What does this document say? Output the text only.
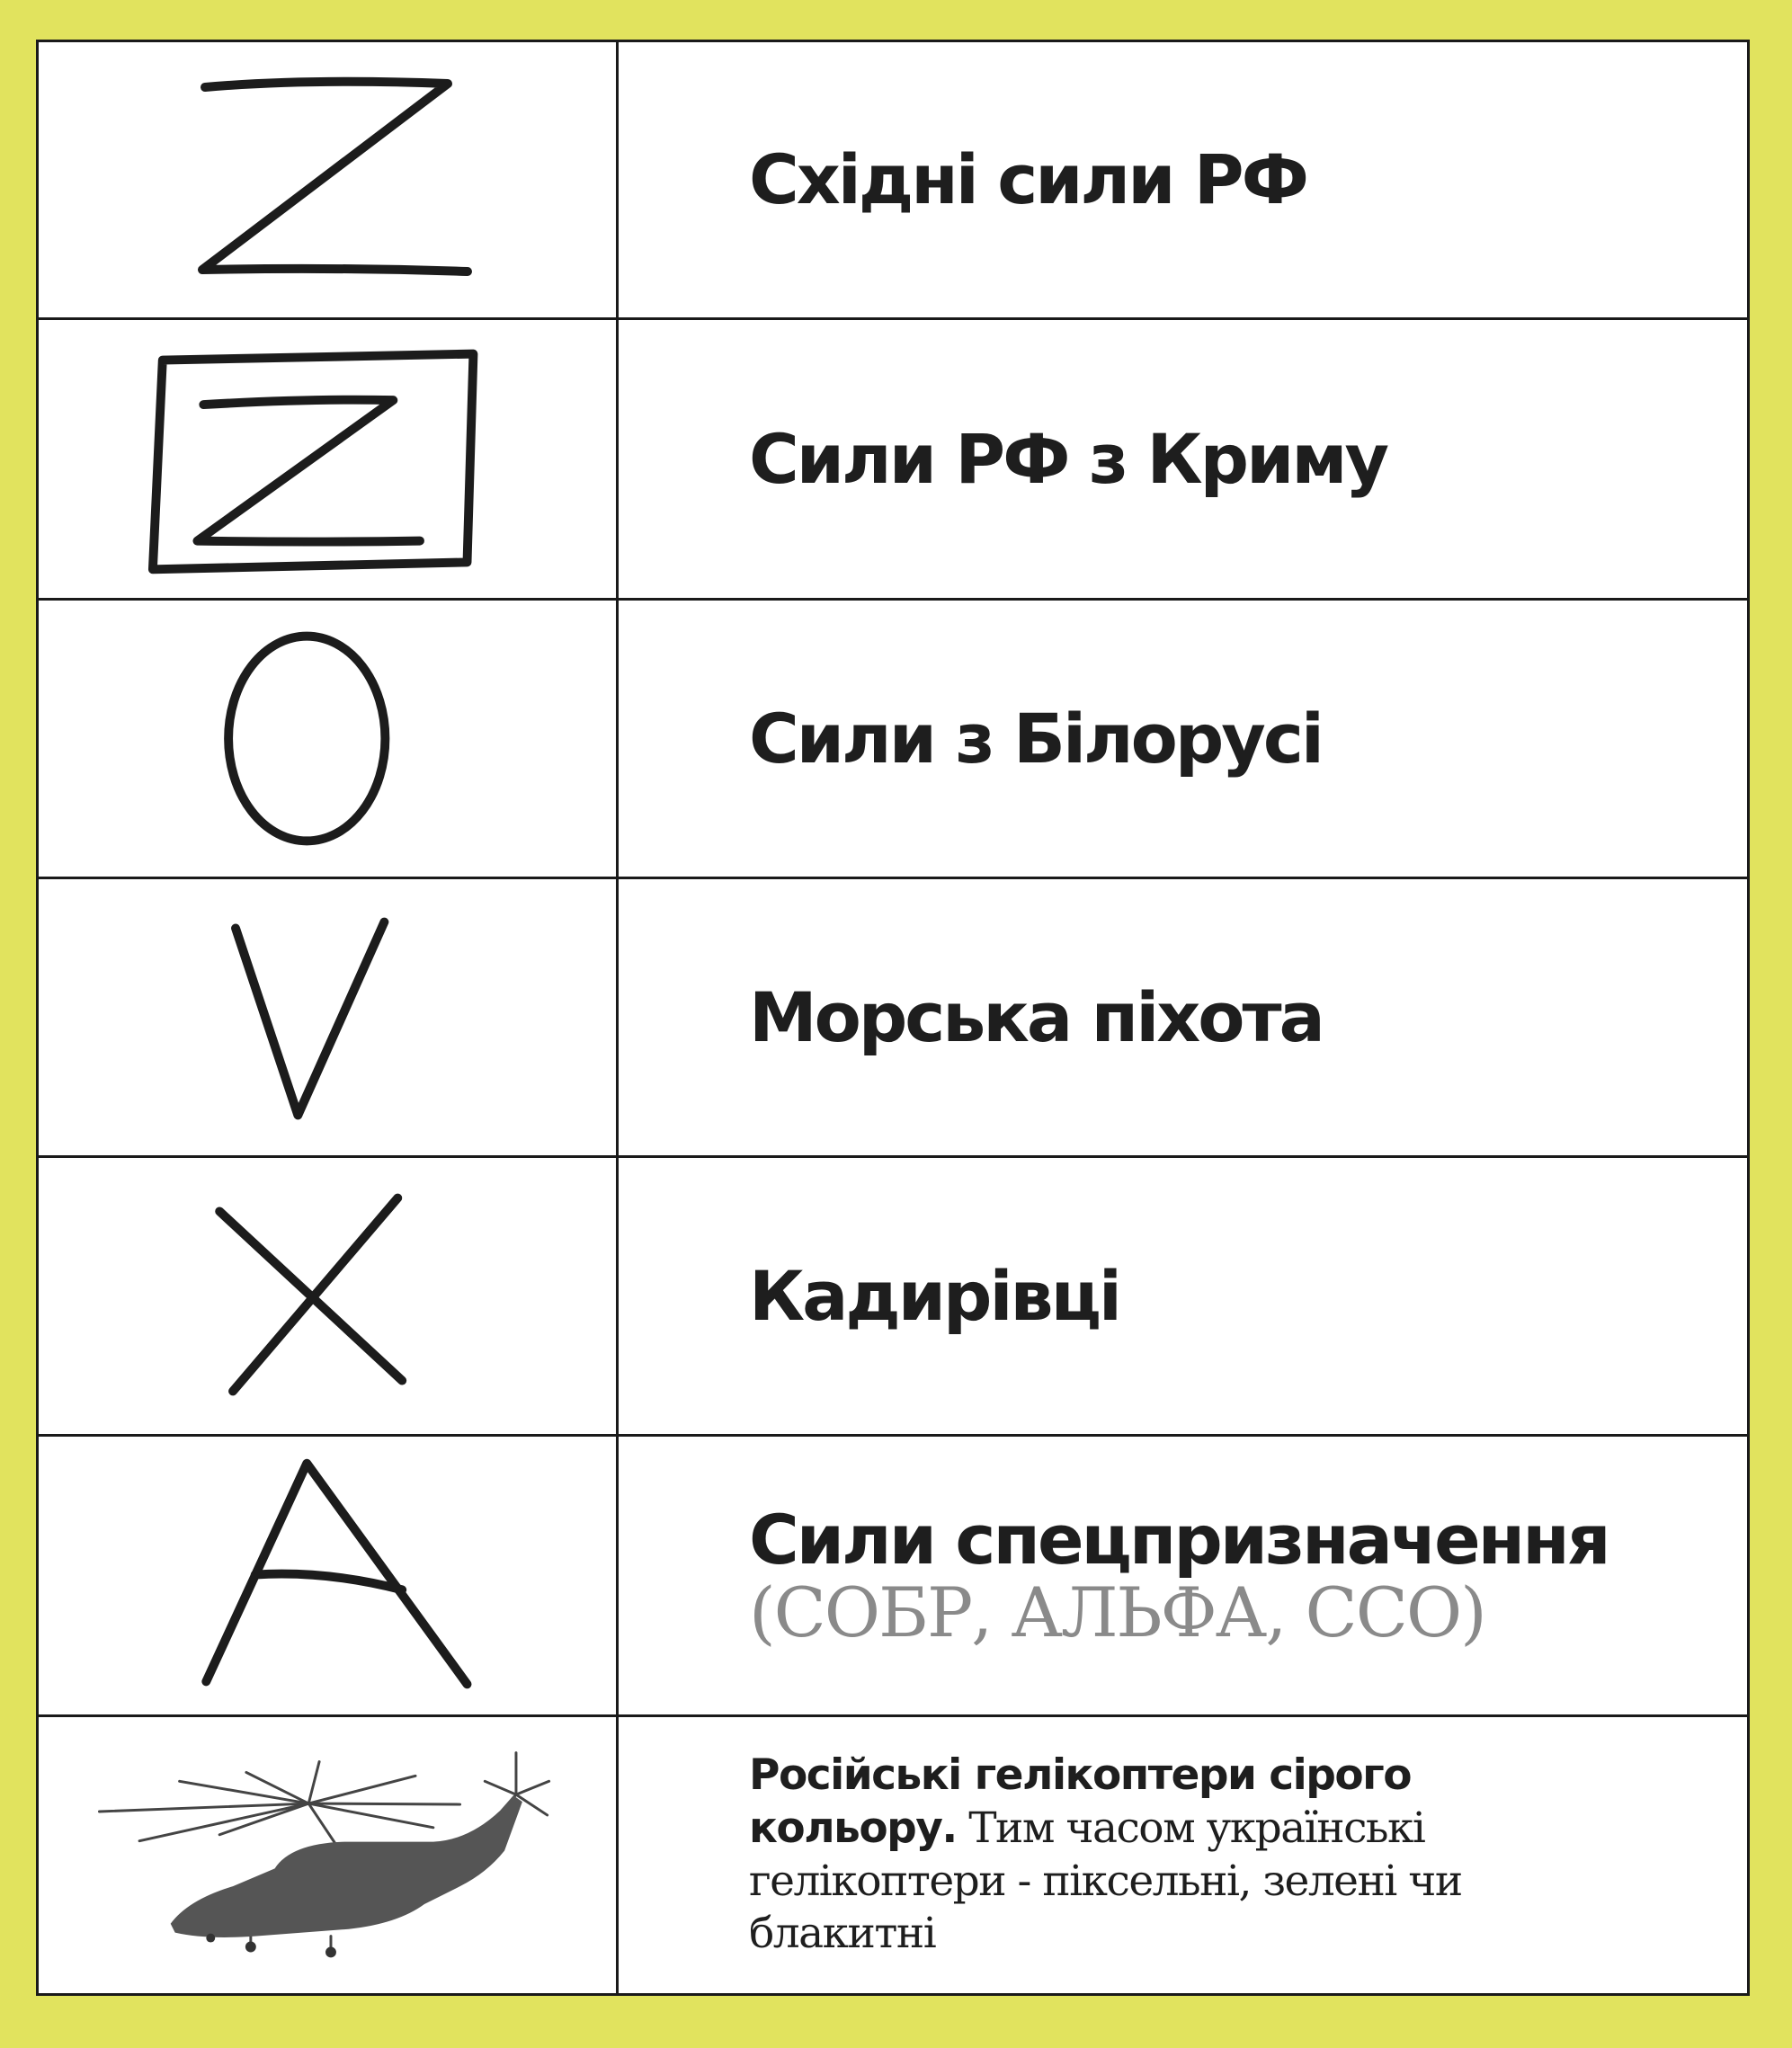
Східні сили РФ
Сили РФ з Криму
Сили з Білорусі
Морська піхота
Кадирівці
Сили спецпризначення
(СОБР, АЛЬФА, ССО)
Російські гелікоптери сірого кольору. Тим часом українські гелікоптери - піксельні, зелені чи блакитні
